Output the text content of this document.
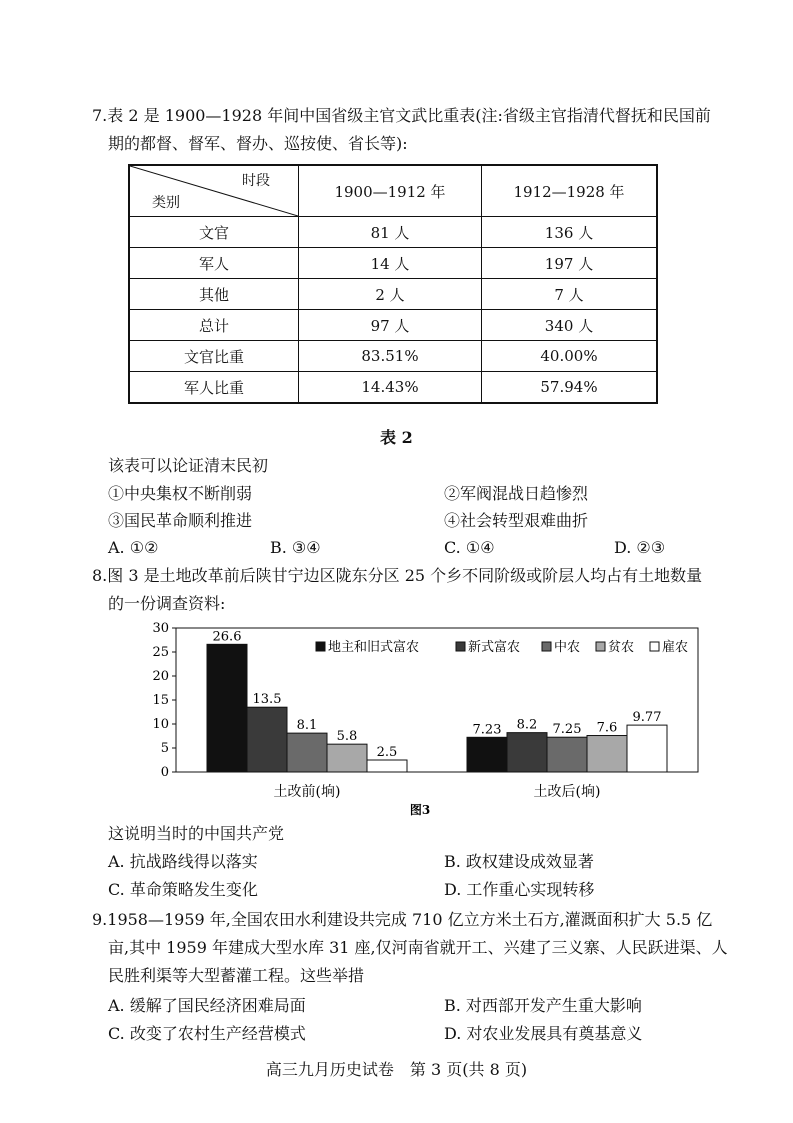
7.表 2 是 1900—1928 年间中国省级主官文武比重表(注:省级主官指清代督抚和民国前
期的都督、督军、督办、巡按使、省长等):
时段
类别	1900—1912 年	1912—1928 年
文官	81 人	136 人
军人	14 人	197 人
其他	2 人	7 人
总计	97 人	340 人
文官比重	83.51%	40.00%
军人比重	14.43%	57.94%
表 2
该表可以论证清末民初
①中央集权不断削弱	②军阀混战日趋惨烈
③国民革命顺利推进	④社会转型艰难曲折
A. ①②	B. ③④	C. ①④	D. ②③
8.图 3 是土地改革前后陕甘宁边区陇东分区 25 个乡不同阶级或阶层人均占有土地数量
的一份调查资料:
0
5
10
15
20
25
30
26.6
13.5
8.1
5.8
2.5
土改前(垧)
7.23 8.2 7.25 7.6
9.77
土改后(垧)
地主和旧式富农	新式富农	中农 贫农 雇农
图3
这说明当时的中国共产党
A. 抗战路线得以落实	B. 政权建设成效显著
C. 革命策略发生变化	D. 工作重心实现转移
9.1958—1959 年,全国农田水利建设共完成 710 亿立方米土石方,灌溉面积扩大 5.5 亿
亩,其中 1959 年建成大型水库 31 座,仅河南省就开工、兴建了三义寨、人民跃进渠、人
民胜利渠等大型蓄灌工程。这些举措
A. 缓解了国民经济困难局面	B. 对西部开发产生重大影响
C. 改变了农村生产经营模式	D. 对农业发展具有奠基意义
高三九月历史试卷　第 3 页(共 8 页)
